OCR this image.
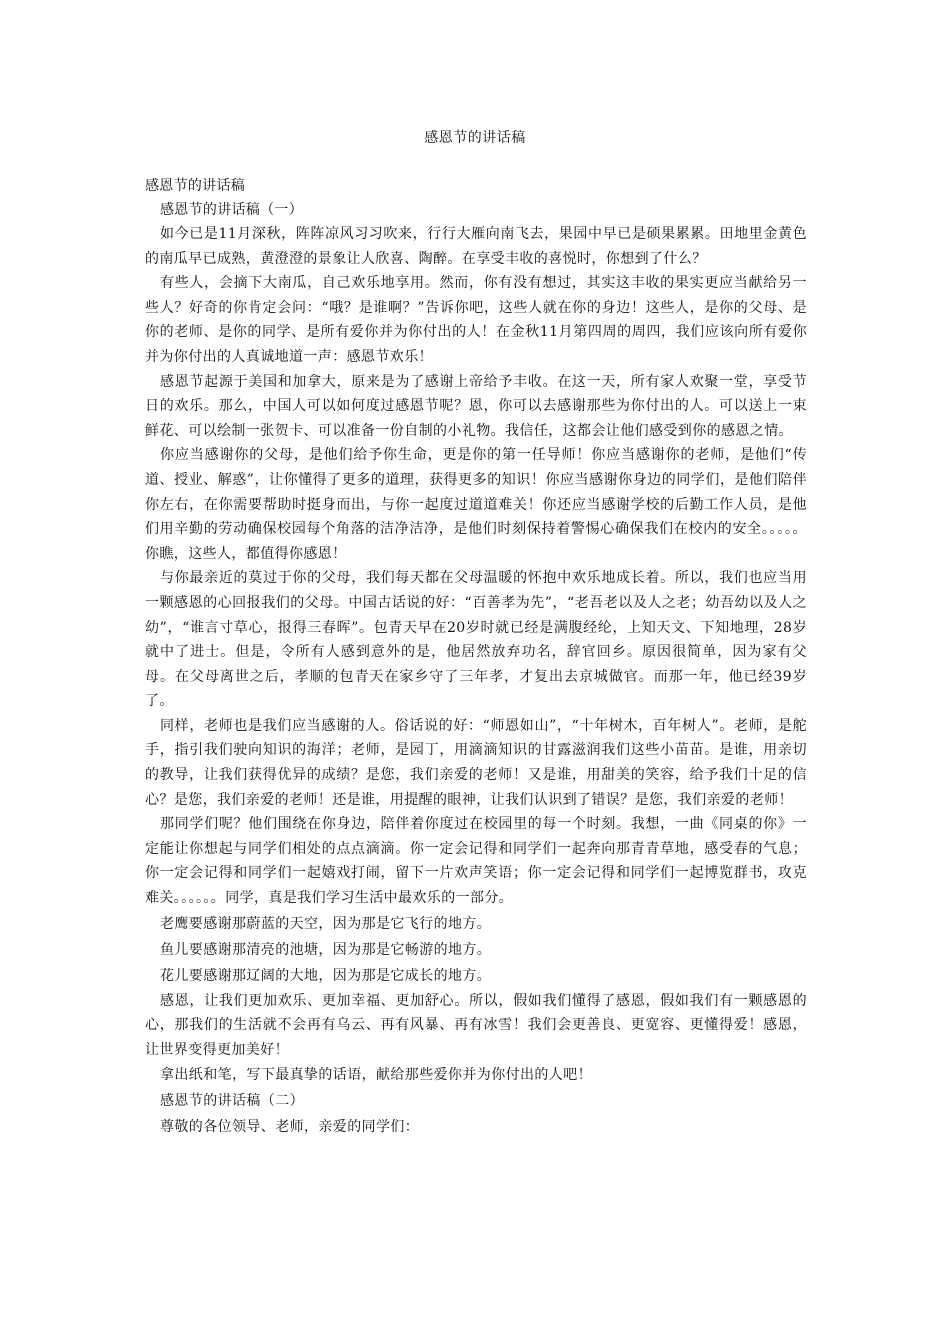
感恩节的讲话稿

感恩节的讲话稿

感恩节的讲话稿（一）

如今已是11月深秋，阵阵凉风习习吹来，行行大雁向南飞去，果园中早已是硕果累累。田地里金黄色的南瓜早已成熟，黄澄澄的景象让人欣喜、陶醉。在享受丰收的喜悦时，你想到了什么？

有些人，会摘下大南瓜，自己欢乐地享用。然而，你有没有想过，其实这丰收的果实更应当献给另一些人？好奇的你肯定会问：“哦？是谁啊？”告诉你吧，这些人就在你的身边！这些人，是你的父母、是你的老师、是你的同学、是所有爱你并为你付出的人！在金秋11月第四周的周四，我们应该向所有爱你并为你付出的人真诚地道一声：感恩节欢乐！

感恩节起源于美国和加拿大，原来是为了感谢上帝给予丰收。在这一天，所有家人欢聚一堂，享受节日的欢乐。那么，中国人可以如何度过感恩节呢？恩，你可以去感谢那些为你付出的人。可以送上一束鲜花、可以绘制一张贺卡、可以准备一份自制的小礼物。我信任，这都会让他们感受到你的感恩之情。

你应当感谢你的父母，是他们给予你生命，更是你的第一任导师！你应当感谢你的老师，是他们“传道、授业、解惑”，让你懂得了更多的道理，获得更多的知识！你应当感谢你身边的同学们，是他们陪伴你左右，在你需要帮助时挺身而出，与你一起度过道道难关！你还应当感谢学校的后勤工作人员，是他们用辛勤的劳动确保校园每个角落的洁净洁净，是他们时刻保持着警惕心确保我们在校内的安全。。。。。你瞧，这些人，都值得你感恩！

与你最亲近的莫过于你的父母，我们每天都在父母温暖的怀抱中欢乐地成长着。所以，我们也应当用一颗感恩的心回报我们的父母。中国古话说的好：“百善孝为先”，“老吾老以及人之老；幼吾幼以及人之幼”，“谁言寸草心，报得三春晖”。包青天早在20岁时就已经是满腹经纶，上知天文、下知地理，28岁就中了进士。但是，令所有人感到意外的是，他居然放弃功名，辞官回乡。原因很简单，因为家有父母。在父母离世之后，孝顺的包青天在家乡守了三年孝，才复出去京城做官。而那一年，他已经39岁了。

同样，老师也是我们应当感谢的人。俗话说的好：“师恩如山”，“十年树木，百年树人”。老师，是舵手，指引我们驶向知识的海洋；老师，是园丁，用滴滴知识的甘露滋润我们这些小苗苗。是谁，用亲切的教导，让我们获得优异的成绩？是您，我们亲爱的老师！又是谁，用甜美的笑容，给予我们十足的信心？是您，我们亲爱的老师！还是谁，用提醒的眼神，让我们认识到了错误？是您，我们亲爱的老师！

那同学们呢？他们围绕在你身边，陪伴着你度过在校园里的每一个时刻。我想，一曲《同桌的你》一定能让你想起与同学们相处的点点滴滴。你一定会记得和同学们一起奔向那青青草地，感受春的气息；你一定会记得和同学们一起嬉戏打闹，留下一片欢声笑语；你一定会记得和同学们一起博览群书，攻克难关。。。。。。同学，真是我们学习生活中最欢乐的一部分。

老鹰要感谢那蔚蓝的天空，因为那是它飞行的地方。

鱼儿要感谢那清亮的池塘，因为那是它畅游的地方。

花儿要感谢那辽阔的大地，因为那是它成长的地方。

感恩，让我们更加欢乐、更加幸福、更加舒心。所以，假如我们懂得了感恩，假如我们有一颗感恩的心，那我们的生活就不会再有乌云、再有风暴、再有冰雪！我们会更善良、更宽容、更懂得爱！感恩，让世界变得更加美好！

拿出纸和笔，写下最真挚的话语，献给那些爱你并为你付出的人吧！

感恩节的讲话稿（二）

尊敬的各位领导、老师，亲爱的同学们：
